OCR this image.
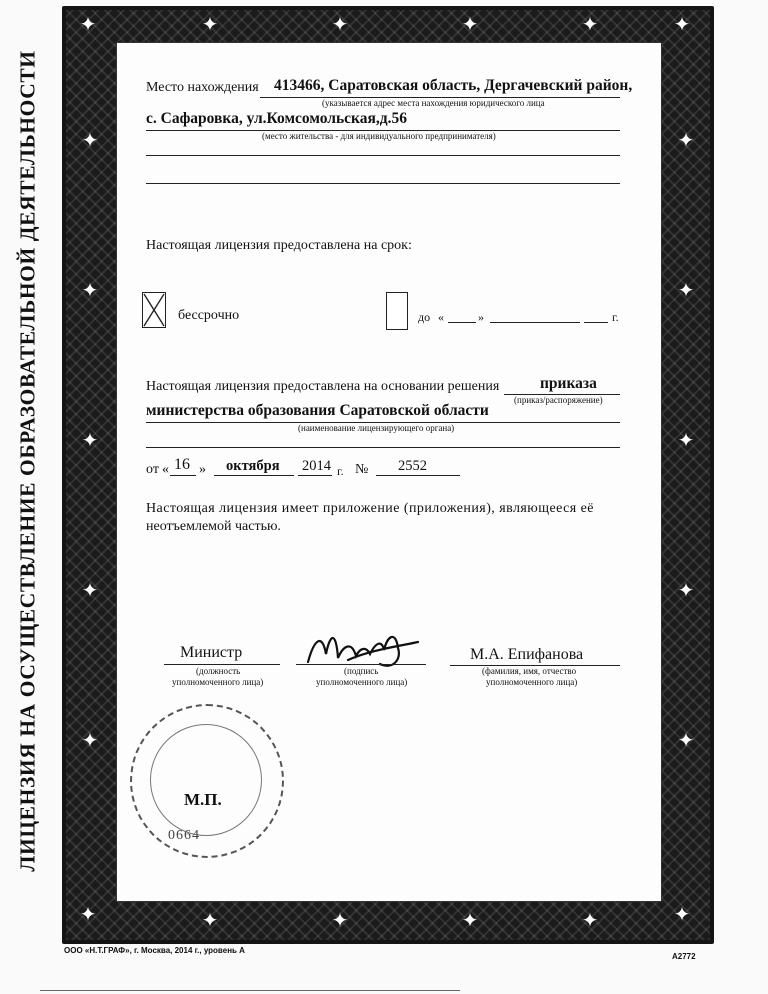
✦	✦
✦	✦
✦	✦	✦	✦
✦	✦	✦	✦
✦
✦
✦
✦
✦
✦
✦
✦
✦
✦
ЛИЦЕНЗИЯ НА ОСУЩЕСТВЛЕНИЕ ОБРАЗОВАТЕЛЬНОЙ ДЕЯТЕЛЬНОСТИ	Место нахождения 413466, Саратовская область, Дергачевский район,
(указывается адрес места нахождения юридического лица
с. Сафаровка, ул.Комсомольская,д.56
(место жительства - для индивидуального предпринимателя)
Настоящая лицензия предоставлена на срок:
бессрочно	до «	»	г.
Настоящая лицензия предоставлена на основании решения	приказа
(приказ/распоряжение)
министерства образования Саратовской области
(наименование лицензирующего органа)
от « 16 » октября 2014 г. № 2552
Настоящая лицензия имеет приложение (приложения), являющееся её
неотъемлемой частью.
Министр
(должность
уполномоченного лица)
(подпись
уполномоченного лица)
М.А. Епифанова
(фамилия, имя, отчество
уполномоченного лица)
М.П.
0664
ООО «Н.Т.ГРАФ», г. Москва, 2014 г., уровень А
А2772
